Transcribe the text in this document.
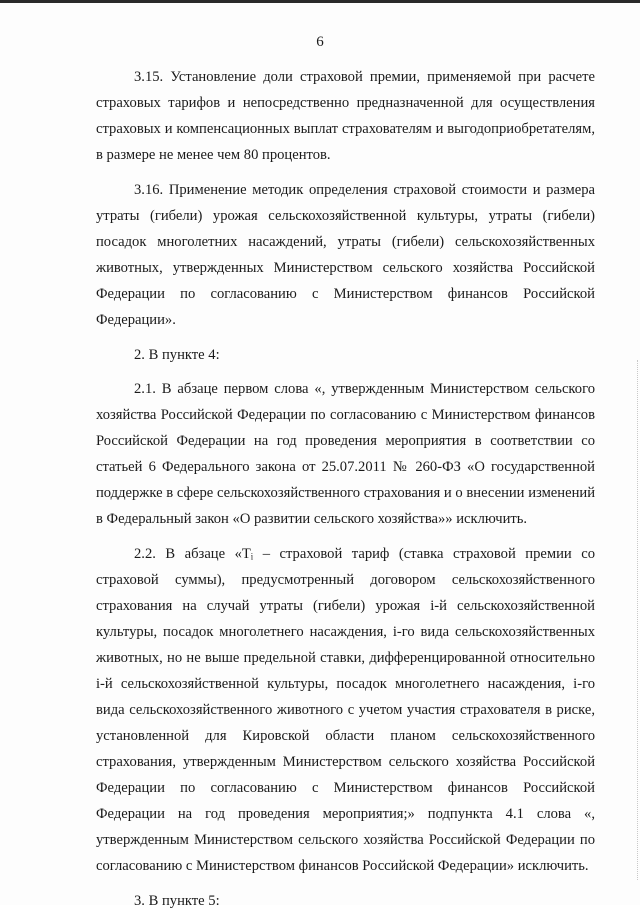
6

3.15. Установление доли страховой премии, применяемой при расчете страховых тарифов и непосредственно предназначенной для осуществления страховых и компенсационных выплат страхователям и выгодоприобретателям, в размере не менее чем 80 процентов.

3.16. Применение методик определения страховой стоимости и размера утраты (гибели) урожая сельскохозяйственной культуры, утраты (гибели) посадок многолетних насаждений, утраты (гибели) сельскохозяйственных животных, утвержденных Министерством сельского хозяйства Российской Федерации по согласованию с Министерством финансов Российской Федерации».

2. В пункте 4:

2.1. В абзаце первом слова «, утвержденным Министерством сельского хозяйства Российской Федерации по согласованию с Министерством финансов Российской Федерации на год проведения мероприятия в соответствии со статьей 6 Федерального закона от 25.07.2011 № 260-ФЗ «О государственной поддержке в сфере сельскохозяйственного страхования и о внесении изменений в Федеральный закон «О развитии сельского хозяйства»» исключить.

2.2. В абзаце «Tᵢ – страховой тариф (ставка страховой премии со страховой суммы), предусмотренный договором сельскохозяйственного страхования на случай утраты (гибели) урожая i-й сельскохозяйственной культуры, посадок многолетнего насаждения, i-го вида сельскохозяйственных животных, но не выше предельной ставки, дифференцированной относительно i-й сельскохозяйственной культуры, посадок многолетнего насаждения, i-го вида сельскохозяйственного животного с учетом участия страхователя в риске, установленной для Кировской области планом сельскохозяйственного страхования, утвержденным Министерством сельского хозяйства Российской Федерации по согласованию с Министерством финансов Российской Федерации на год проведения мероприятия;» подпункта 4.1 слова «, утвержденным Министерством сельского хозяйства Российской Федерации по согласованию с Министерством финансов Российской Федерации» исключить.

3. В пункте 5:
